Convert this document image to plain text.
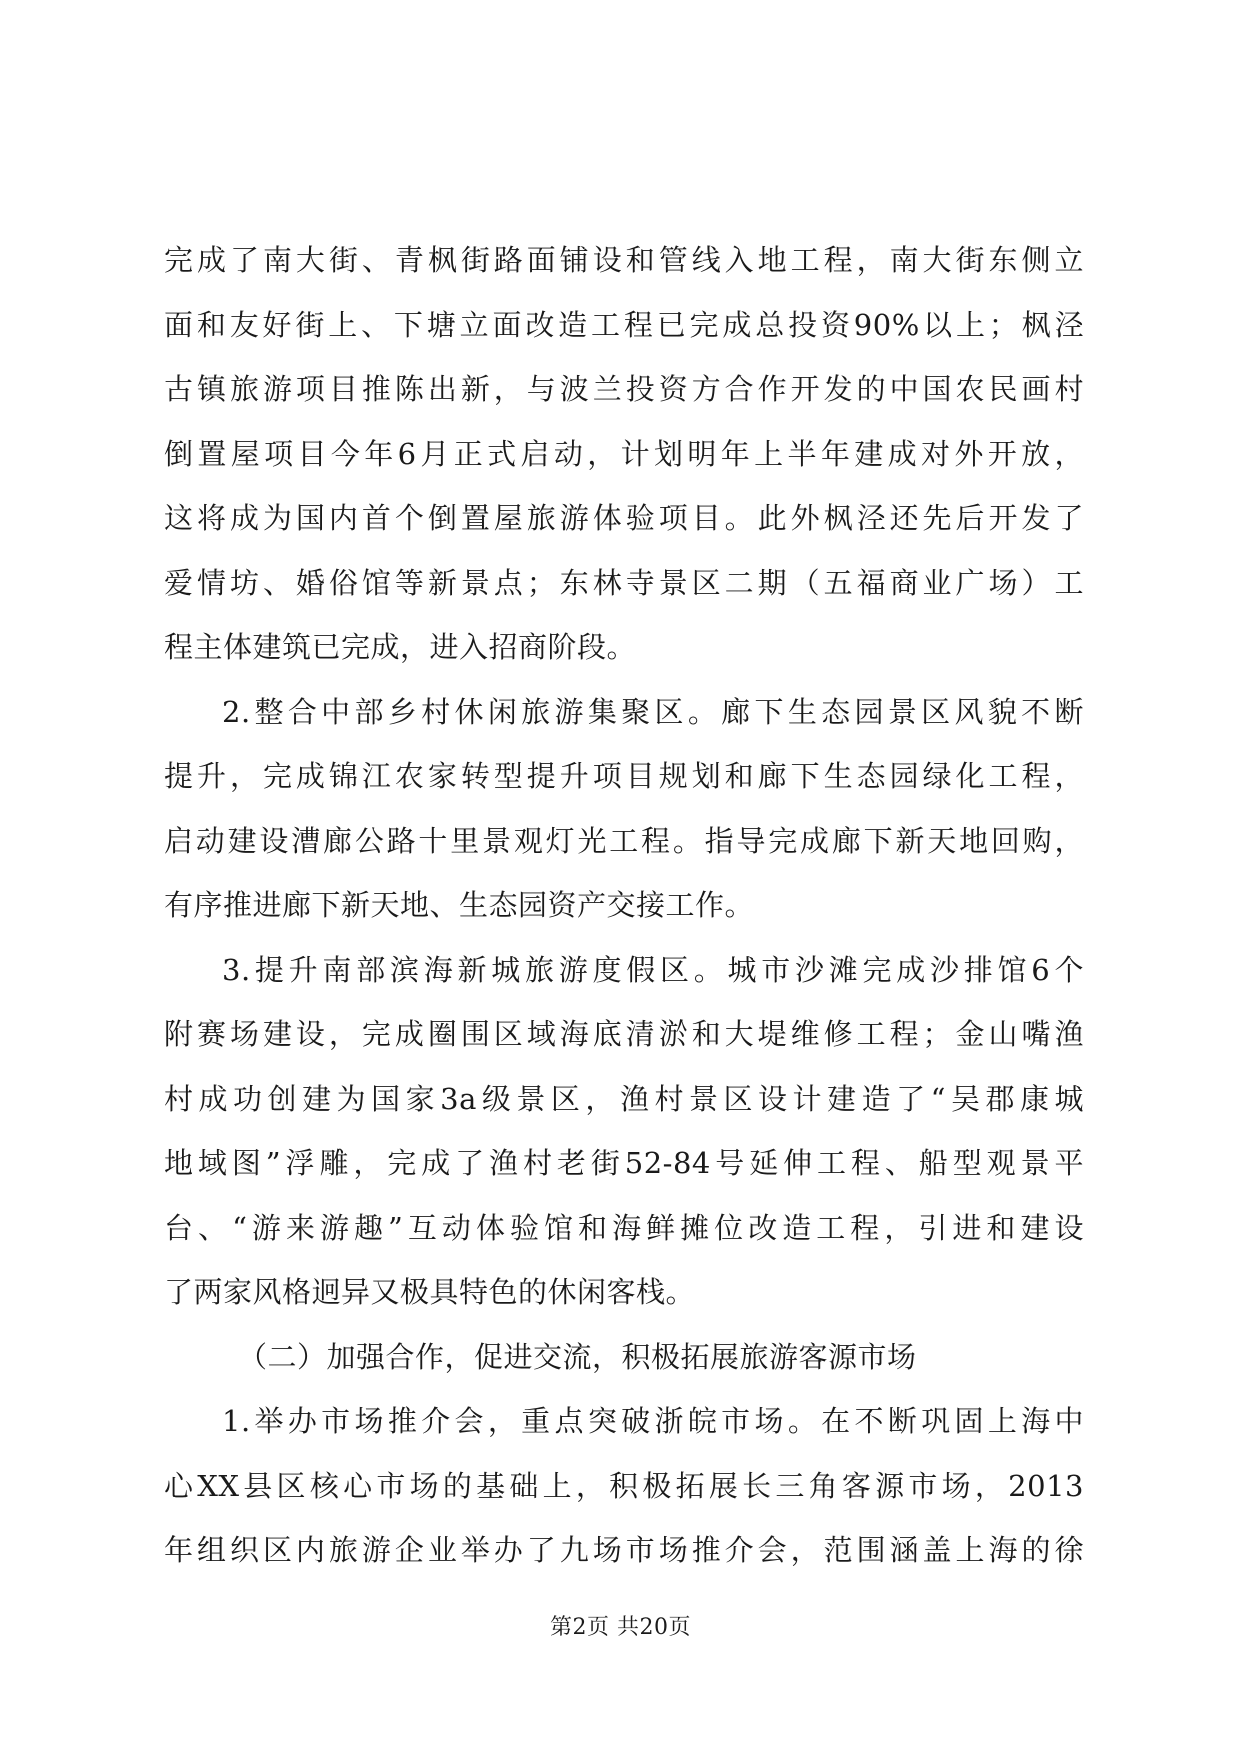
完成了南大街、青枫街路面铺设和管线入地工程，南大街东侧立
面和友好街上、下塘立面改造工程已完成总投资90%以上；枫泾
古镇旅游项目推陈出新，与波兰投资方合作开发的中国农民画村
倒置屋项目今年6月正式启动，计划明年上半年建成对外开放，
这将成为国内首个倒置屋旅游体验项目。此外枫泾还先后开发了
爱情坊、婚俗馆等新景点；东林寺景区二期（五福商业广场）工
程主体建筑已完成，进入招商阶段。
2.整合中部乡村休闲旅游集聚区。廊下生态园景区风貌不断
提升，完成锦江农家转型提升项目规划和廊下生态园绿化工程，
启动建设漕廊公路十里景观灯光工程。指导完成廊下新天地回购，
有序推进廊下新天地、生态园资产交接工作。
3.提升南部滨海新城旅游度假区。城市沙滩完成沙排馆6个
附赛场建设，完成圈围区域海底清淤和大堤维修工程；金山嘴渔
村成功创建为国家3a级景区，渔村景区设计建造了“吴郡康城
地域图”浮雕，完成了渔村老街52-84号延伸工程、船型观景平
台、“游来游趣”互动体验馆和海鲜摊位改造工程，引进和建设
了两家风格迥异又极具特色的休闲客栈。
（二）加强合作，促进交流，积极拓展旅游客源市场
1.举办市场推介会，重点突破浙皖市场。在不断巩固上海中
心XX县区核心市场的基础上，积极拓展长三角客源市场，2013
年组织区内旅游企业举办了九场市场推介会，范围涵盖上海的徐
第2页 共20页
